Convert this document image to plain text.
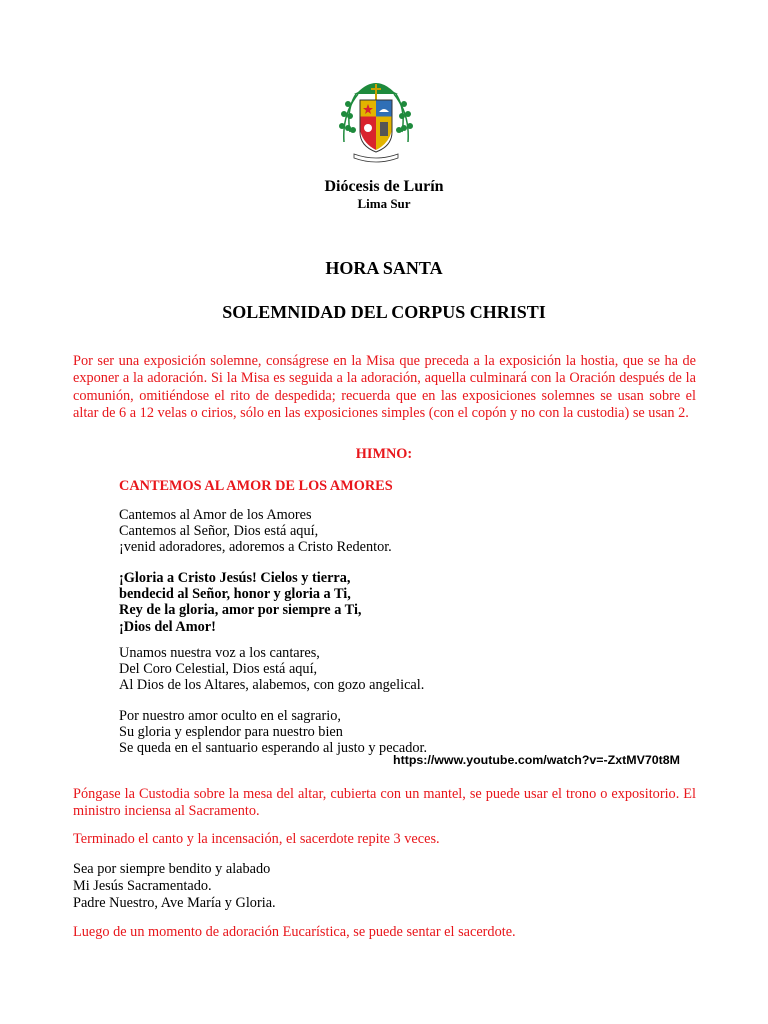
Diócesis de Lurín
Lima Sur
HORA SANTA
SOLEMNIDAD DEL CORPUS CHRISTI
Por ser una exposición solemne, conságrese en la Misa que preceda a la exposición la hostia, que se ha de exponer a la adoración. Si la Misa es seguida a la adoración, aquella culminará con la Oración después de la comunión, omitiéndose el rito de despedida; recuerda que en las exposiciones solemnes se usan sobre el altar de 6 a 12 velas o cirios, sólo en las exposiciones simples (con el copón y no con la custodia) se usan 2.
HIMNO:
CANTEMOS AL AMOR DE LOS AMORES
Cantemos al Amor de los Amores
Cantemos al Señor, Dios está aquí,
¡venid adoradores, adoremos a Cristo Redentor.
¡Gloria a Cristo Jesús! Cielos y tierra,
bendecid al Señor, honor y gloria a Ti,
Rey de la gloria, amor por siempre a Ti,
¡Dios del Amor!
Unamos nuestra voz a los cantares,
Del Coro Celestial, Dios está aquí,
Al Dios de los Altares, alabemos, con gozo angelical.
Por nuestro amor oculto en el sagrario,
Su gloria y esplendor para nuestro bien
Se queda en el santuario esperando al justo y pecador.
https://www.youtube.com/watch?v=-ZxtMV70t8M
Póngase la Custodia sobre la mesa del altar, cubierta con un mantel, se puede usar el trono o expositorio. El ministro inciensa al Sacramento.
Terminado el canto y la incensación, el sacerdote repite 3 veces.
Sea por siempre bendito y alabado
Mi Jesús Sacramentado.
Padre Nuestro, Ave María y Gloria.
Luego de un momento de adoración Eucarística, se puede sentar el sacerdote.
